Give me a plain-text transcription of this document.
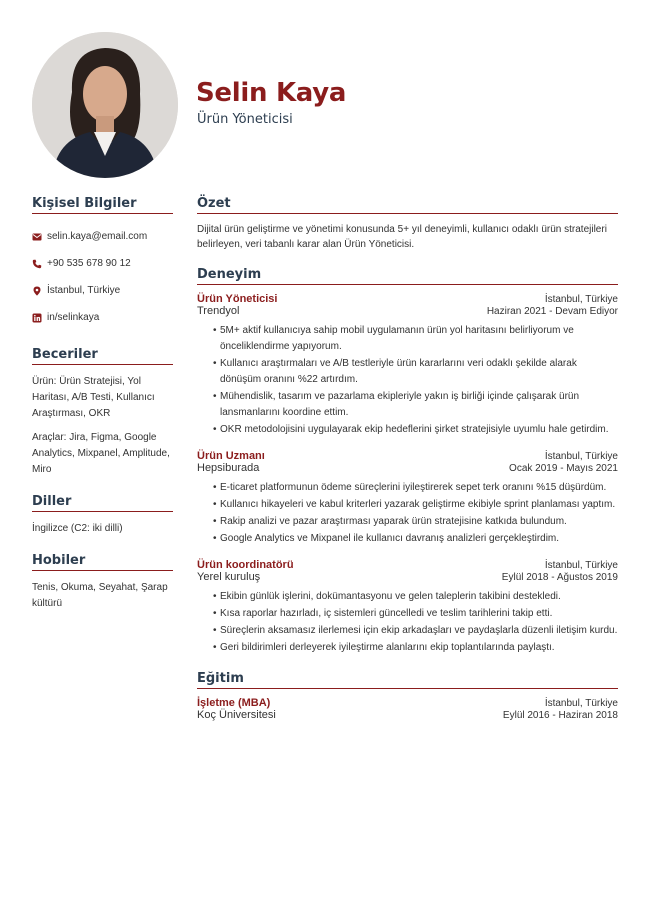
Selin Kaya
Ürün Yöneticisi
Kişisel Bilgiler
selin.kaya@email.com
+90 535 678 90 12
İstanbul, Türkiye
in/selinkaya
Beceriler
Ürün: Ürün Stratejisi, Yol Haritası, A/B Testi, Kullanıcı Araştırması, OKR
Araçlar: Jira, Figma, Google Analytics, Mixpanel, Amplitude, Miro
Diller
İngilizce (C2: iki dilli)
Hobiler
Tenis, Okuma, Seyahat, Şarap kültürü
Özet
Dijital ürün geliştirme ve yönetimi konusunda 5+ yıl deneyimli, kullanıcı odaklı ürün stratejileri belirleyen, veri tabanlı karar alan Ürün Yöneticisi.
Deneyim
Ürün Yöneticisi	İstanbul, Türkiye
Trendyol	Haziran 2021 - Devam Ediyor
• 5M+ aktif kullanıcıya sahip mobil uygulamanın ürün yol haritasını belirliyorum ve önceliklendirme yapıyorum.
• Kullanıcı araştırmaları ve A/B testleriyle ürün kararlarını veri odaklı şekilde alarak dönüşüm oranını %22 artırdım.
• Mühendislik, tasarım ve pazarlama ekipleriyle yakın iş birliği içinde çalışarak ürün lansmanlarını koordine ettim.
• OKR metodolojisini uygulayarak ekip hedeflerini şirket stratejisiyle uyumlu hale getirdim.
Ürün Uzmanı	İstanbul, Türkiye
Hepsiburada	Ocak 2019 - Mayıs 2021
• E-ticaret platformunun ödeme süreçlerini iyileştirerek sepet terk oranını %15 düşürdüm.
• Kullanıcı hikayeleri ve kabul kriterleri yazarak geliştirme ekibiyle sprint planlaması yaptım.
• Rakip analizi ve pazar araştırması yaparak ürün stratejisine katkıda bulundum.
• Google Analytics ve Mixpanel ile kullanıcı davranış analizleri gerçekleştirdim.
Ürün koordinatörü	İstanbul, Türkiye
Yerel kuruluş	Eylül 2018 - Ağustos 2019
• Ekibin günlük işlerini, dokümantasyonu ve gelen taleplerin takibini destekledi.
• Kısa raporlar hazırladı, iç sistemleri güncelledi ve teslim tarihlerini takip etti.
• Süreçlerin aksamasız ilerlemesi için ekip arkadaşları ve paydaşlarla düzenli iletişim kurdu.
• Geri bildirimleri derleyerek iyileştirme alanlarını ekip toplantılarında paylaştı.
Eğitim
İşletme (MBA)	İstanbul, Türkiye
Koç Üniversitesi	Eylül 2016 - Haziran 2018
